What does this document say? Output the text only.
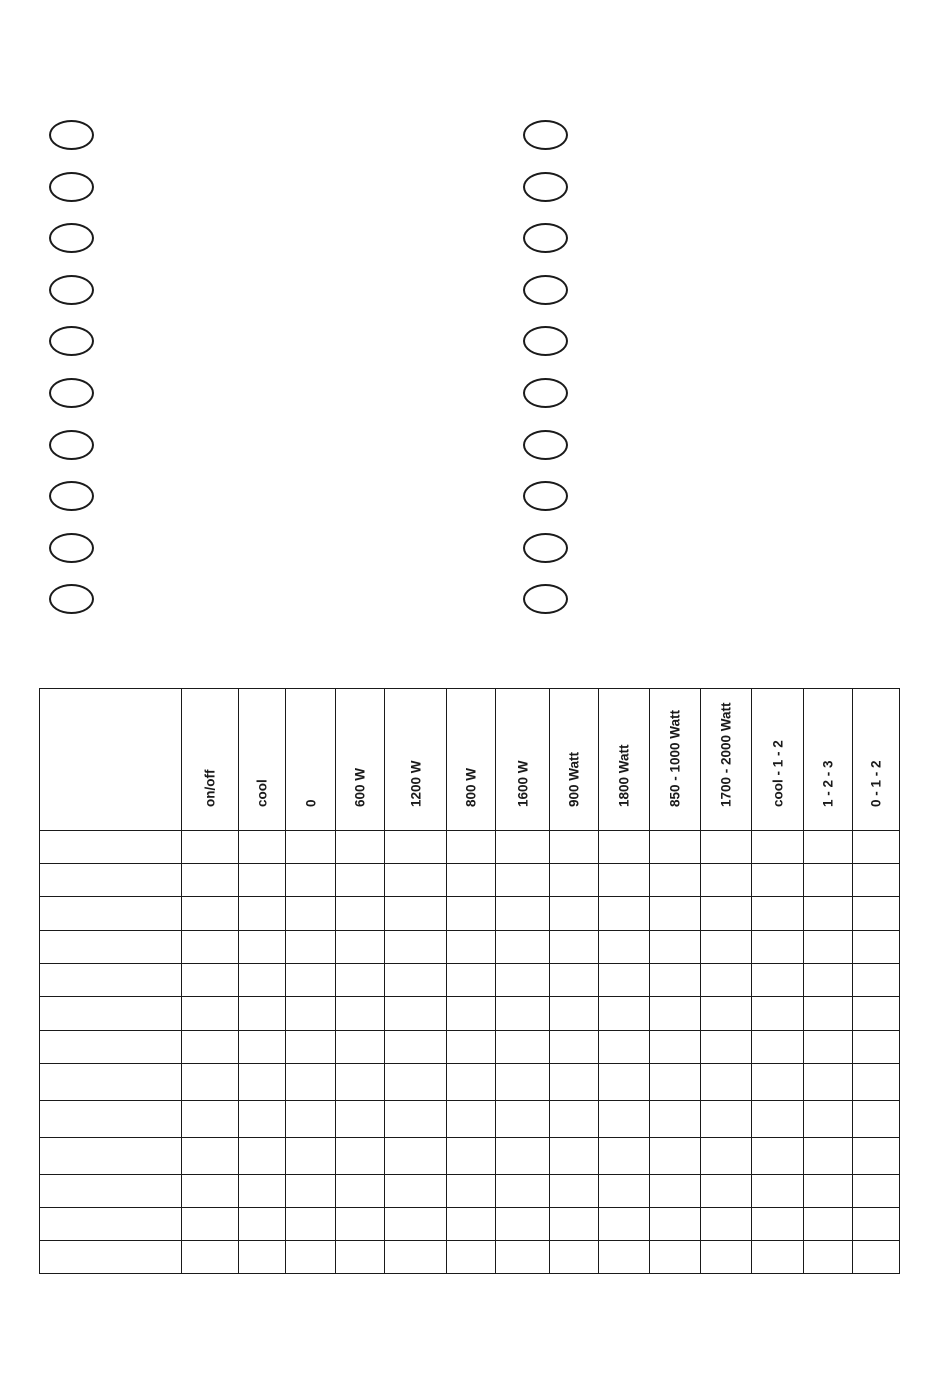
	on/off	cool	0	600 W	1200 W	800 W	1600 W	900 Watt	1800 Watt	850 - 1000 Watt	1700 - 2000 Watt	cool - 1 - 2	1 - 2 - 3	0 - 1 - 2
